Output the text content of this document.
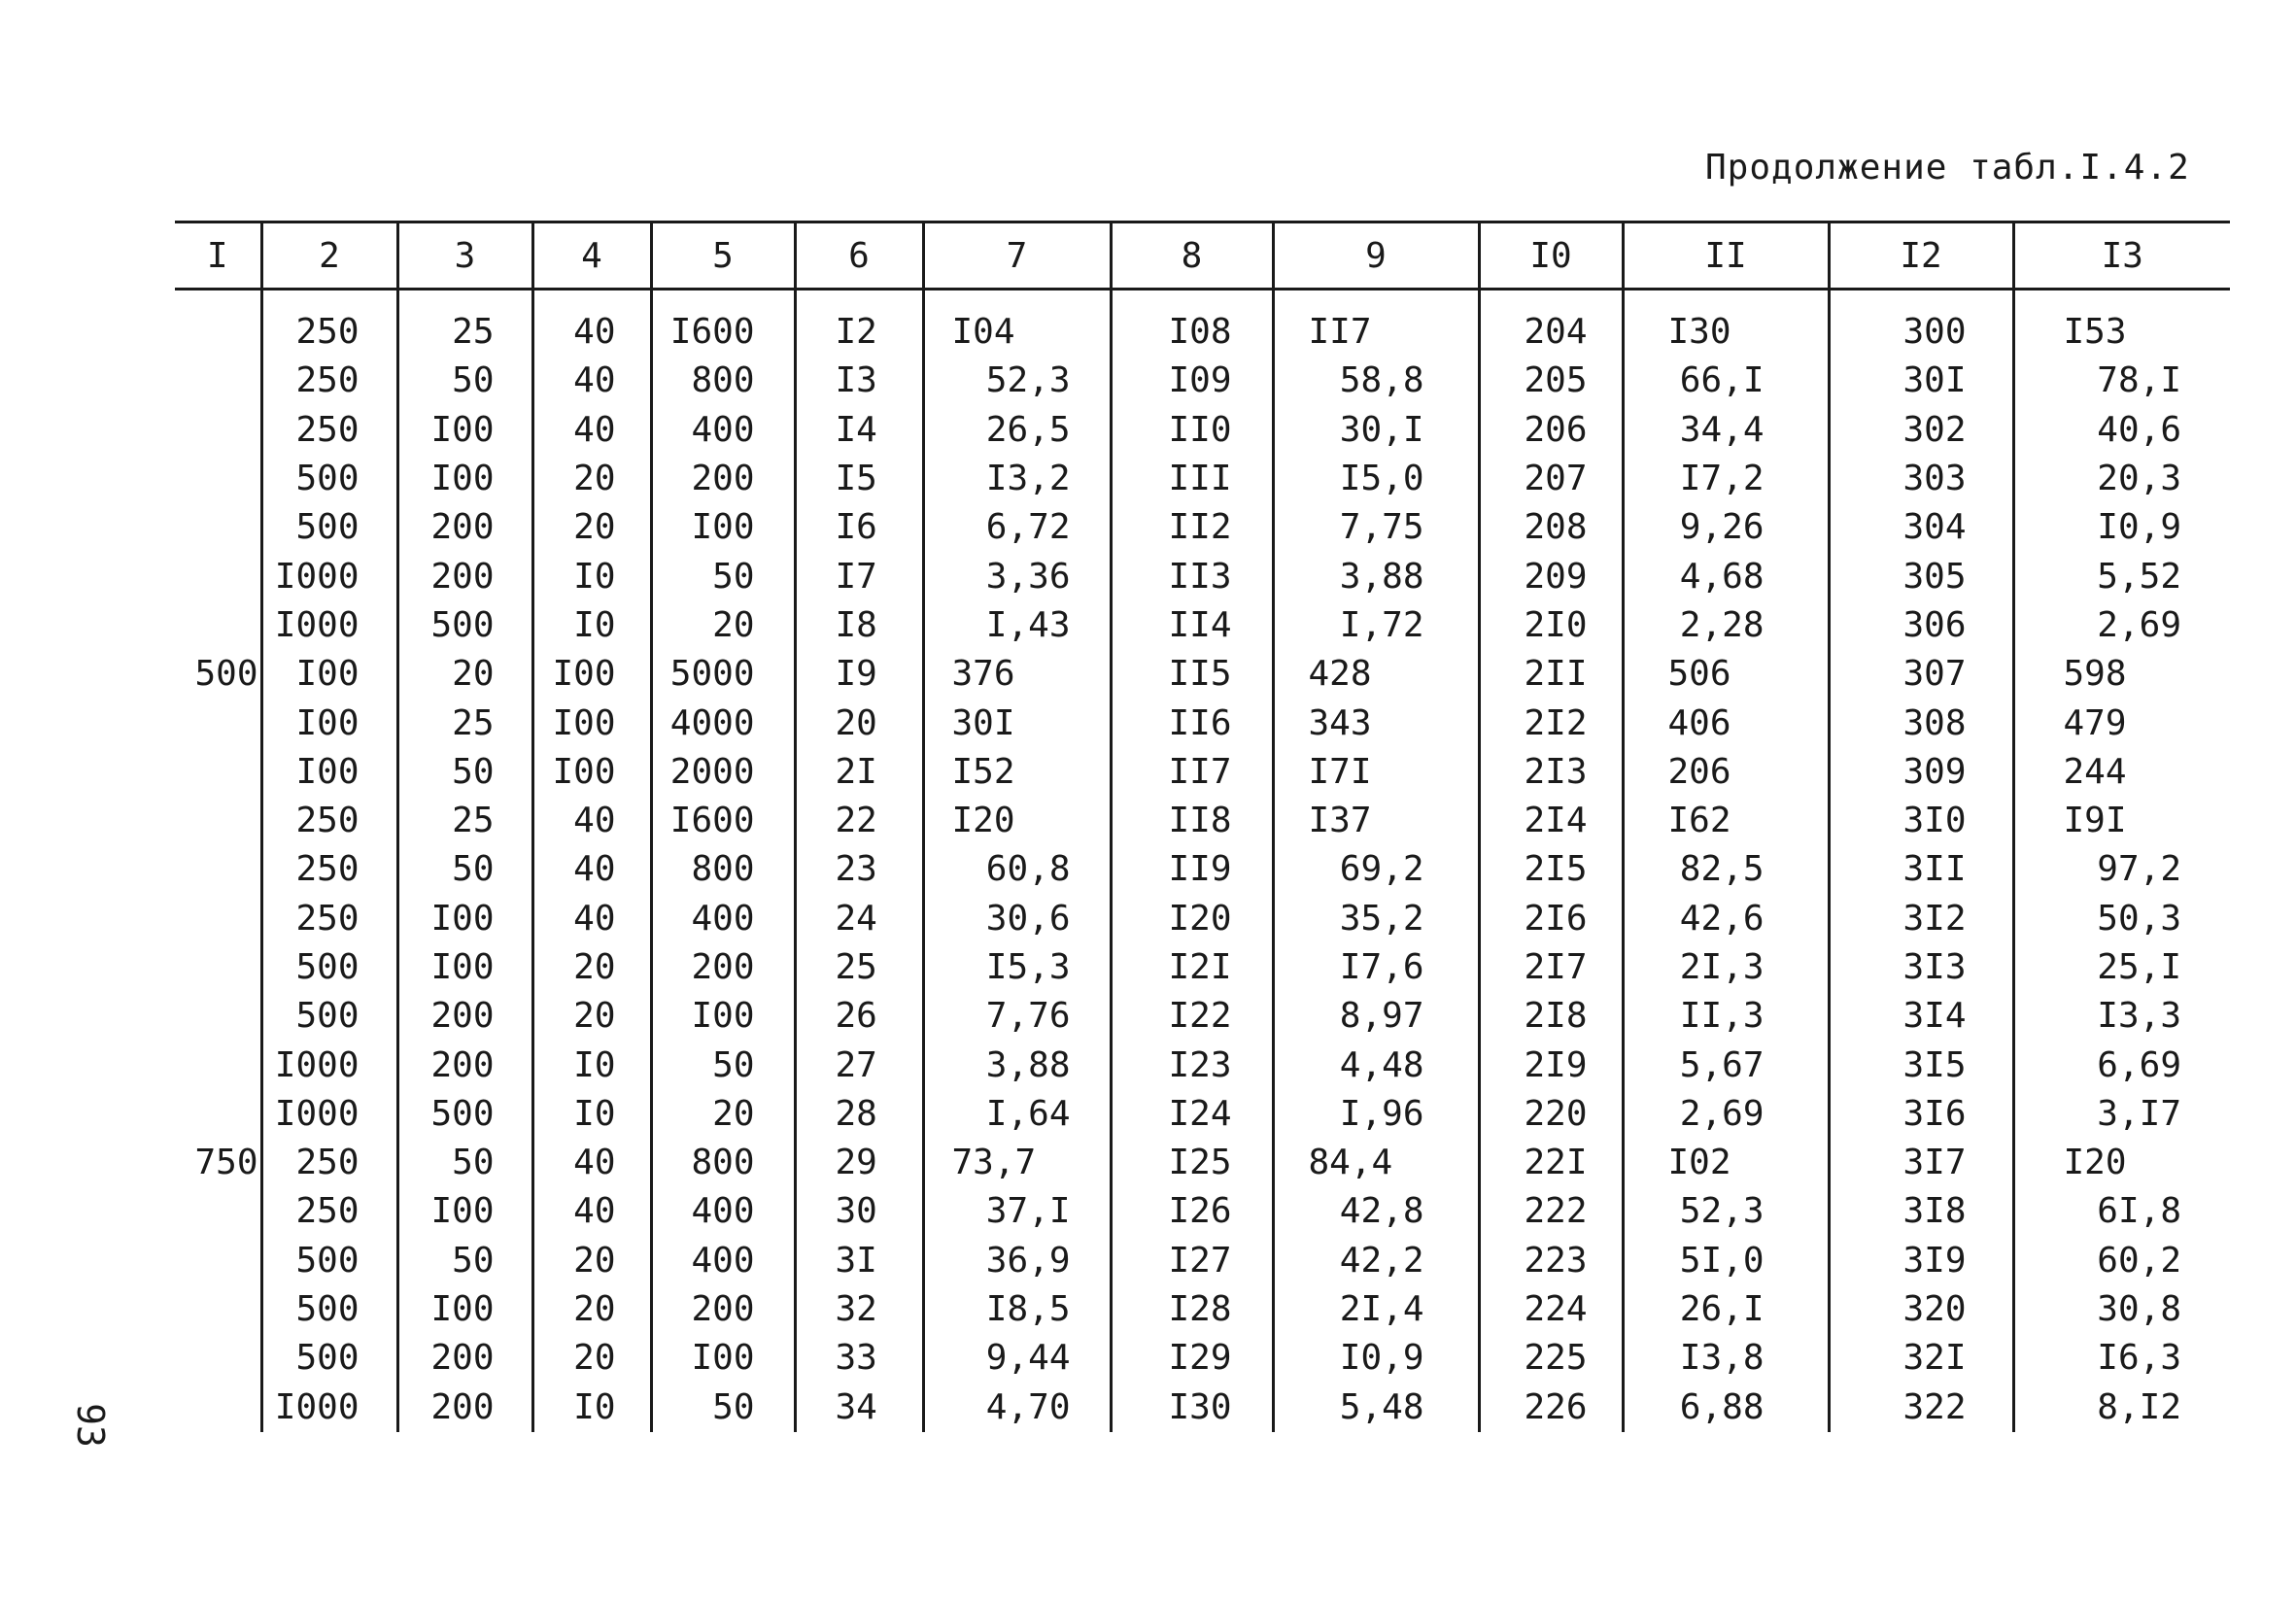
Продолжение табл.I.4.2
93
I	2	3	4	5	6	7	8	9	I0	II	I2	I3
	250	25	40	I600	I2	I04	I08	II7	204	I30	300	I53
	250	50	40	800	I3	52,3	I09	58,8	205	66,I	30I	78,I
	250	I00	40	400	I4	26,5	II0	30,I	206	34,4	302	40,6
	500	I00	20	200	I5	I3,2	III	I5,0	207	I7,2	303	20,3
	500	200	20	I00	I6	6,72	II2	7,75	208	9,26	304	I0,9
	I000	200	I0	50	I7	3,36	II3	3,88	209	4,68	305	5,52
	I000	500	I0	20	I8	I,43	II4	I,72	2I0	2,28	306	2,69
500	I00	20	I00	5000	I9	376	II5	428	2II	506	307	598
	I00	25	I00	4000	20	30I	II6	343	2I2	406	308	479
	I00	50	I00	2000	2I	I52	II7	I7I	2I3	206	309	244
	250	25	40	I600	22	I20	II8	I37	2I4	I62	3I0	I9I
	250	50	40	800	23	60,8	II9	69,2	2I5	82,5	3II	97,2
	250	I00	40	400	24	30,6	I20	35,2	2I6	42,6	3I2	50,3
	500	I00	20	200	25	I5,3	I2I	I7,6	2I7	2I,3	3I3	25,I
	500	200	20	I00	26	7,76	I22	8,97	2I8	II,3	3I4	I3,3
	I000	200	I0	50	27	3,88	I23	4,48	2I9	5,67	3I5	6,69
	I000	500	I0	20	28	I,64	I24	I,96	220	2,69	3I6	3,I7
750	250	50	40	800	29	73,7	I25	84,4	22I	I02	3I7	I20
	250	I00	40	400	30	37,I	I26	42,8	222	52,3	3I8	6I,8
	500	50	20	400	3I	36,9	I27	42,2	223	5I,0	3I9	60,2
	500	I00	20	200	32	I8,5	I28	2I,4	224	26,I	320	30,8
	500	200	20	I00	33	9,44	I29	I0,9	225	I3,8	32I	I6,3
	I000	200	I0	50	34	4,70	I30	5,48	226	6,88	322	8,I2
